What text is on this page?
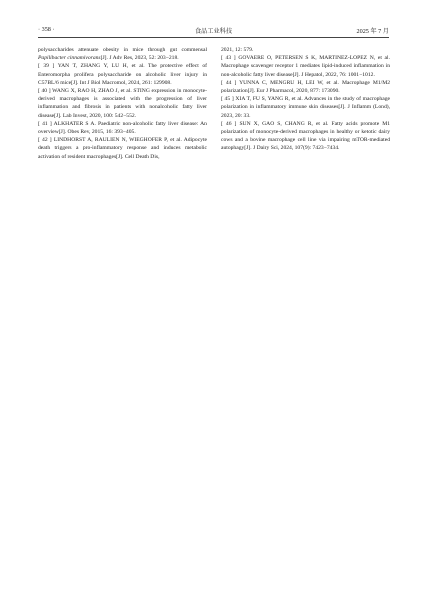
· 358 ·	食品工业科技	2025 年 7 月

polysaccharides attenuate obesity in mice through gut commensal Papilibacter cinnamivorans[J]. J Adv Res, 2023, 52: 203−218.

[ 39 ] YAN T, ZHANG Y, LU H, et al. The protective effect of Enteromorpha prolifera polysaccharide on alcoholic liver injury in C57BL/6 mice[J]. Int J Biol Macromol, 2024, 261: 129908.

[ 40 ] WANG X, RAO H, ZHAO J, et al. STING expression in monocyte-derived macrophages is associated with the progression of liver inflammation and fibrosis in patients with nonalcoholic fatty liver disease[J]. Lab Invest, 2020, 100: 542−552.

[ 41 ] ALKHATER S A. Paediatric non-alcoholic fatty liver disease: An overview[J]. Obes Rev, 2015, 16: 393−405.

[ 42 ] LINDHORST A, RAULIEN N, WIEGHOFER P, et al. Adipocyte death triggers a pro-inflammatory response and induces metabolic activation of resident macrophages[J]. Cell Death Dis,

2021, 12: 579.

[ 43 ] GOVAERE O, PETERSEN S K, MARTINEZ-LOPEZ N, et al. Macrophage scavenger receptor 1 mediates lipid-induced inflammation in non-alcoholic fatty liver disease[J]. J Hepatol, 2022, 76: 1001−1012.

[ 44 ] YUNNA C, MENGRU H, LEI W, et al. Macrophage M1/M2 polarization[J]. Eur J Pharmacol, 2020, 877: 173090.

[ 45 ] XIA T, FU S, YANG R, et al. Advances in the study of macrophage polarization in inflammatory immune skin diseases[J]. J Inflamm (Lond), 2023, 20: 33.

[ 46 ] SUN X, GAO S, CHANG R, et al. Fatty acids promote M1 polarization of monocyte-derived macrophages in healthy or ketotic dairy cows and a bovine macrophage cell line via impairing mTOR-mediated autophagy[J]. J Dairy Sci, 2024, 107(9): 7423−7434.
